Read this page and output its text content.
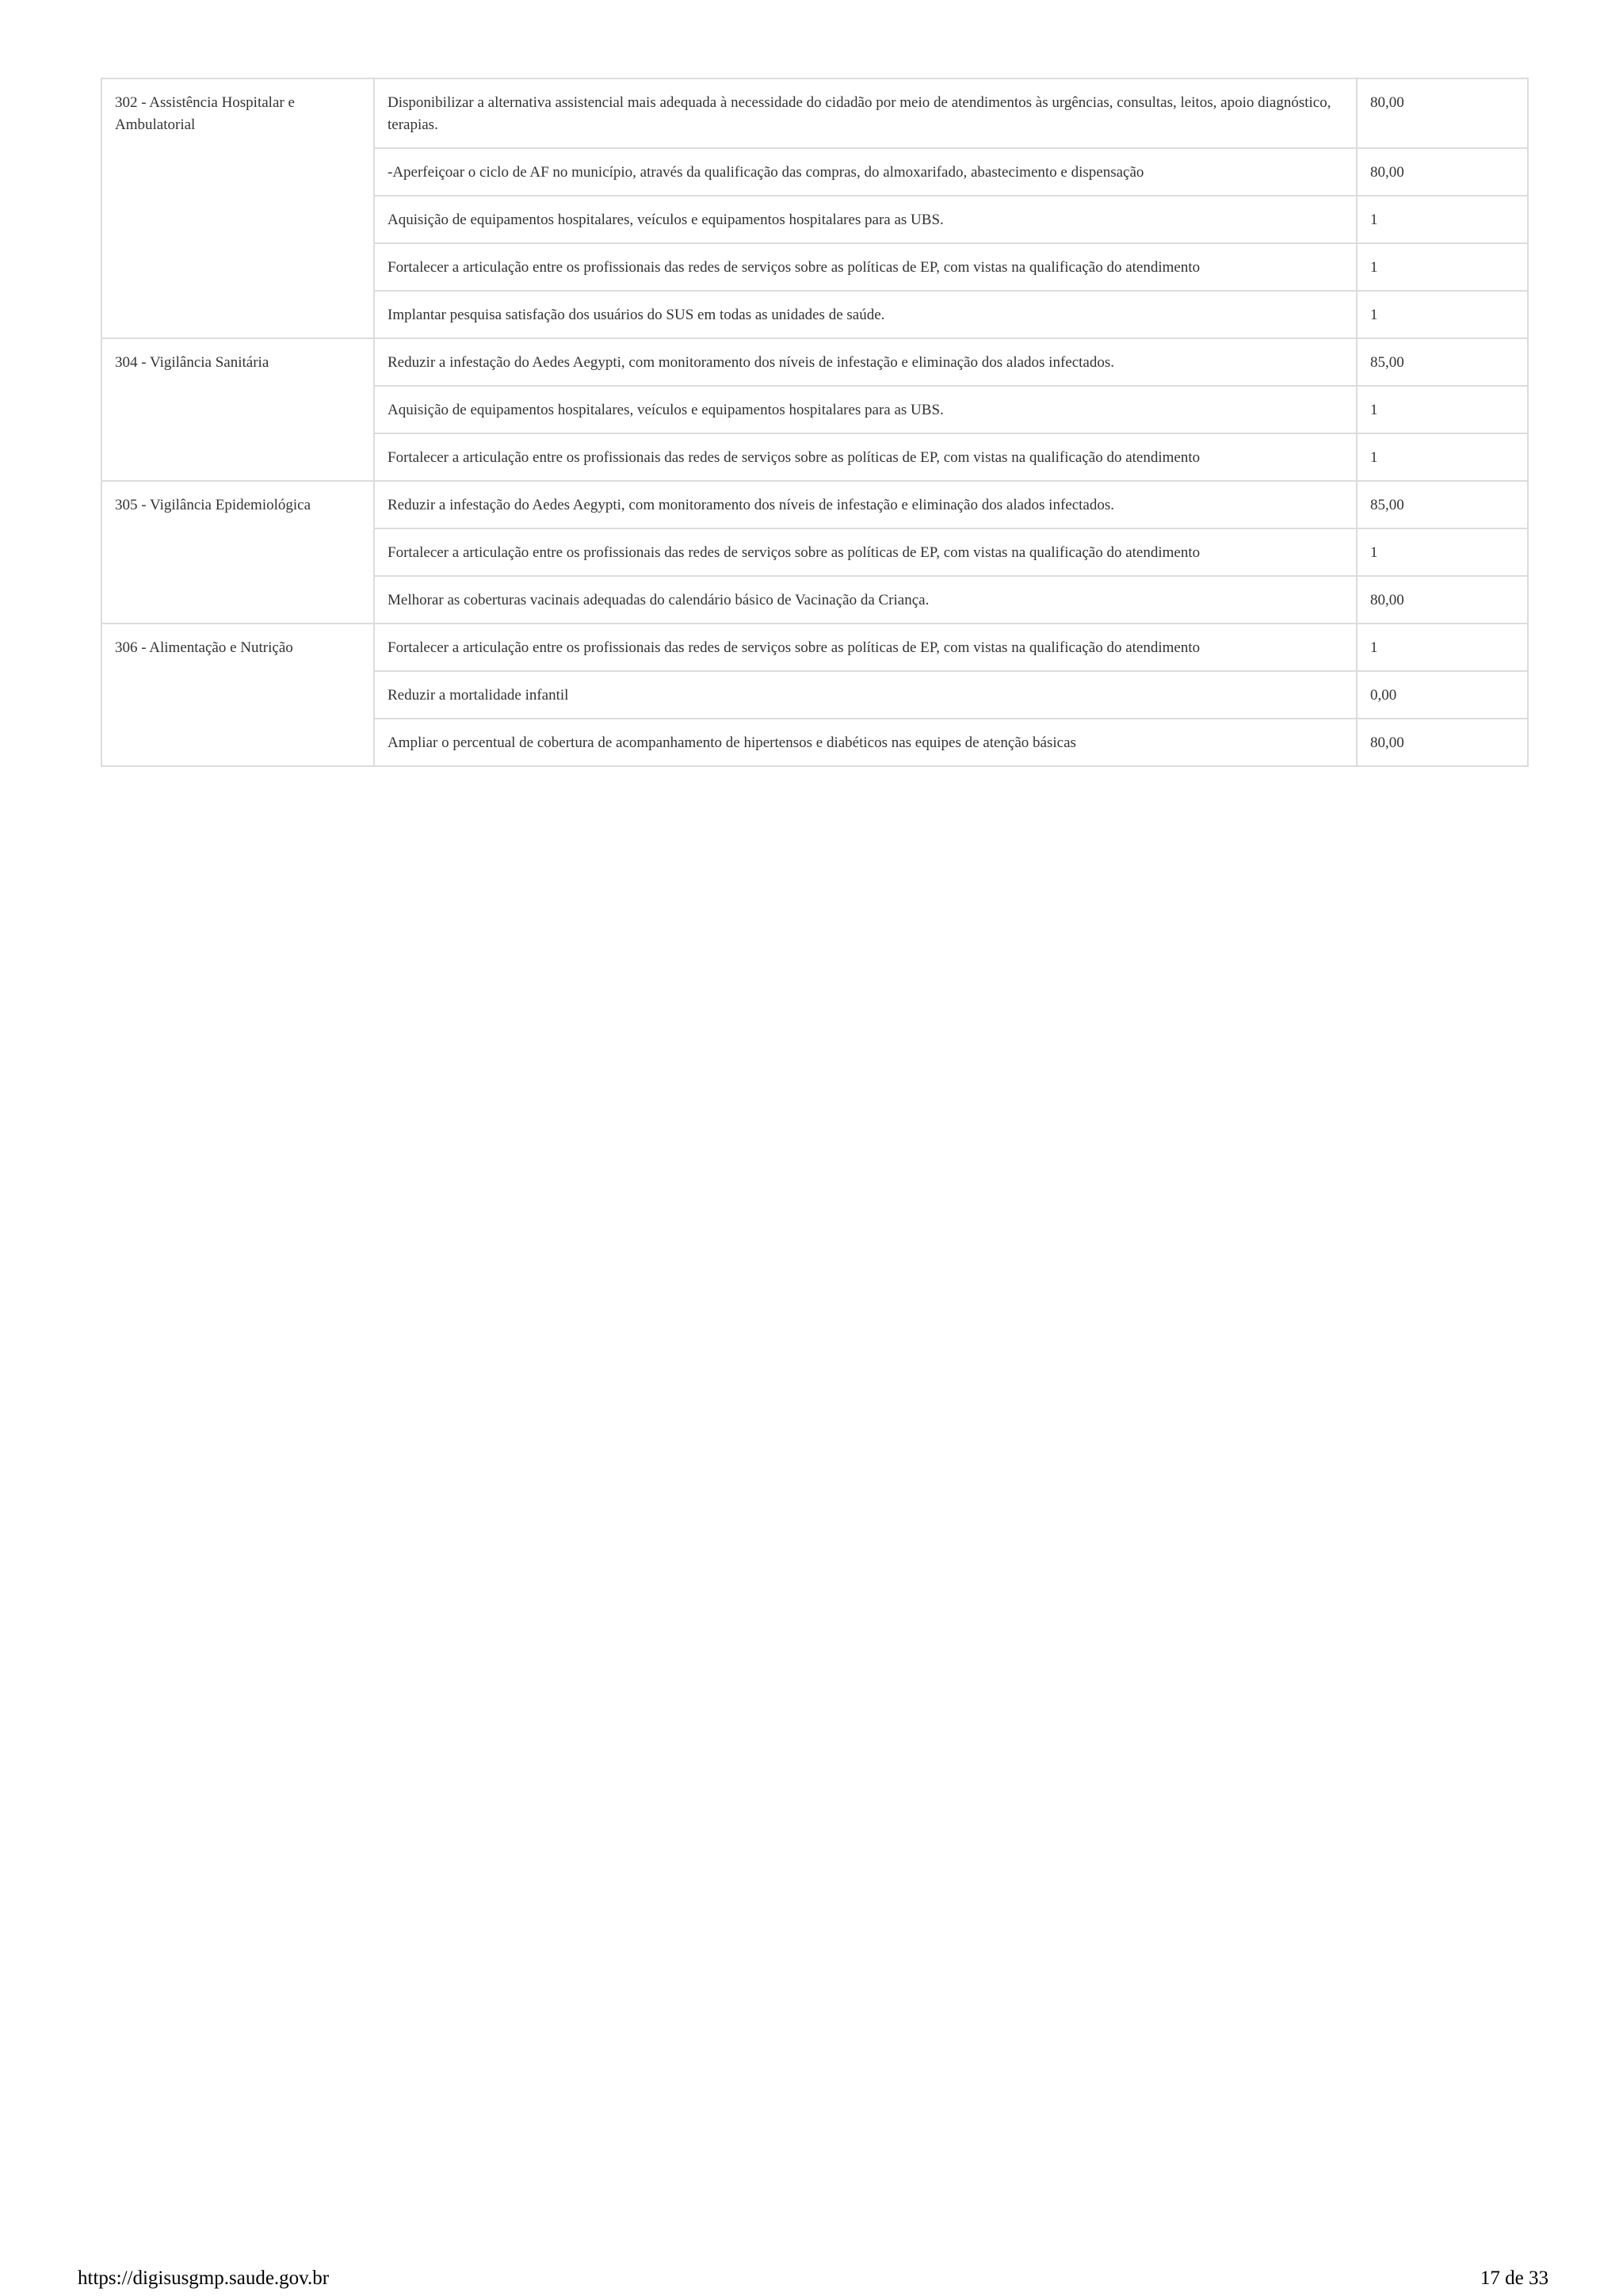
302 - Assistência Hospitalar e Ambulatorial	Disponibilizar a alternativa assistencial mais adequada à necessidade do cidadão por meio de atendimentos às urgências, consultas, leitos, apoio diagnóstico, terapias.	80,00
	-Aperfeiçoar o ciclo de AF no município, através da qualificação das compras, do almoxarifado, abastecimento e dispensação	80,00
	Aquisição de equipamentos hospitalares, veículos e equipamentos hospitalares para as UBS.	1
	Fortalecer a articulação entre os profissionais das redes de serviços sobre as políticas de EP, com vistas na qualificação do atendimento	1
	Implantar pesquisa satisfação dos usuários do SUS em todas as unidades de saúde.	1
304 - Vigilância Sanitária	Reduzir a infestação do Aedes Aegypti, com monitoramento dos níveis de infestação e eliminação dos alados infectados.	85,00
	Aquisição de equipamentos hospitalares, veículos e equipamentos hospitalares para as UBS.	1
	Fortalecer a articulação entre os profissionais das redes de serviços sobre as políticas de EP, com vistas na qualificação do atendimento	1
305 - Vigilância Epidemiológica	Reduzir a infestação do Aedes Aegypti, com monitoramento dos níveis de infestação e eliminação dos alados infectados.	85,00
	Fortalecer a articulação entre os profissionais das redes de serviços sobre as políticas de EP, com vistas na qualificação do atendimento	1
	Melhorar as coberturas vacinais adequadas do calendário básico de Vacinação da Criança.	80,00
306 - Alimentação e Nutrição	Fortalecer a articulação entre os profissionais das redes de serviços sobre as políticas de EP, com vistas na qualificação do atendimento	1
	Reduzir a mortalidade infantil	0,00
	Ampliar o percentual de cobertura de acompanhamento de hipertensos e diabéticos nas equipes de atenção básicas	80,00
https://digisusgmp.saude.gov.br	17 de 33
